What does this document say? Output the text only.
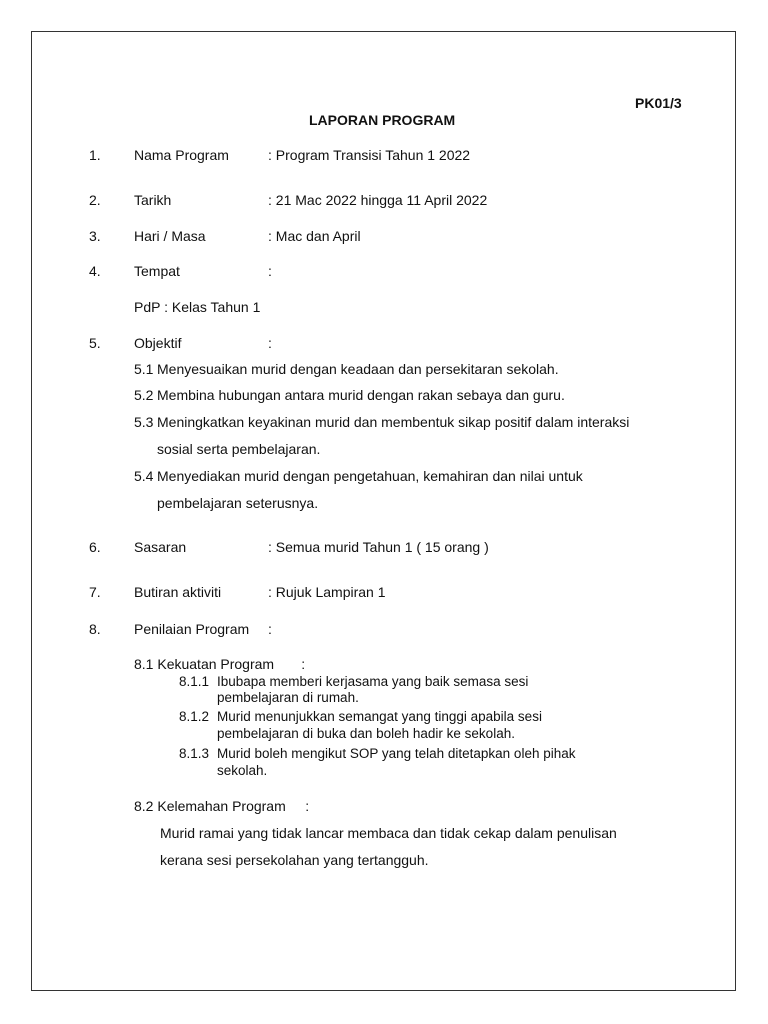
PK01/3
LAPORAN PROGRAM
1. Nama Program	: Program Transisi Tahun 1 2022
2. Tarikh	: 21 Mac 2022 hingga 11 April 2022
3. Hari / Masa	: Mac dan April
4. Tempat	:
PdP : Kelas Tahun 1
5. Objektif	:
5.1 Menyesuaikan murid dengan keadaan dan persekitaran sekolah.
5.2 Membina hubungan antara murid dengan rakan sebaya dan guru.
5.3 Meningkatkan keyakinan murid dan membentuk sikap positif dalam interaksi
sosial serta pembelajaran.
5.4 Menyediakan murid dengan pengetahuan, kemahiran dan nilai untuk
pembelajaran seterusnya.
6. Sasaran	: Semua murid Tahun 1 ( 15 orang )
7. Butiran aktiviti	: Rujuk Lampiran 1
8. Penilaian Program :
8.1 Kekuatan Program       :
8.1.1 Ibubapa memberi kerjasama yang baik semasa sesi
pembelajaran di rumah.
8.1.2 Murid menunjukkan semangat yang tinggi apabila sesi
pembelajaran di buka dan boleh hadir ke sekolah.
8.1.3 Murid boleh mengikut SOP yang telah ditetapkan oleh pihak
sekolah.
8.2 Kelemahan Program     :
Murid ramai yang tidak lancar membaca dan tidak cekap dalam penulisan
kerana sesi persekolahan yang tertangguh.
